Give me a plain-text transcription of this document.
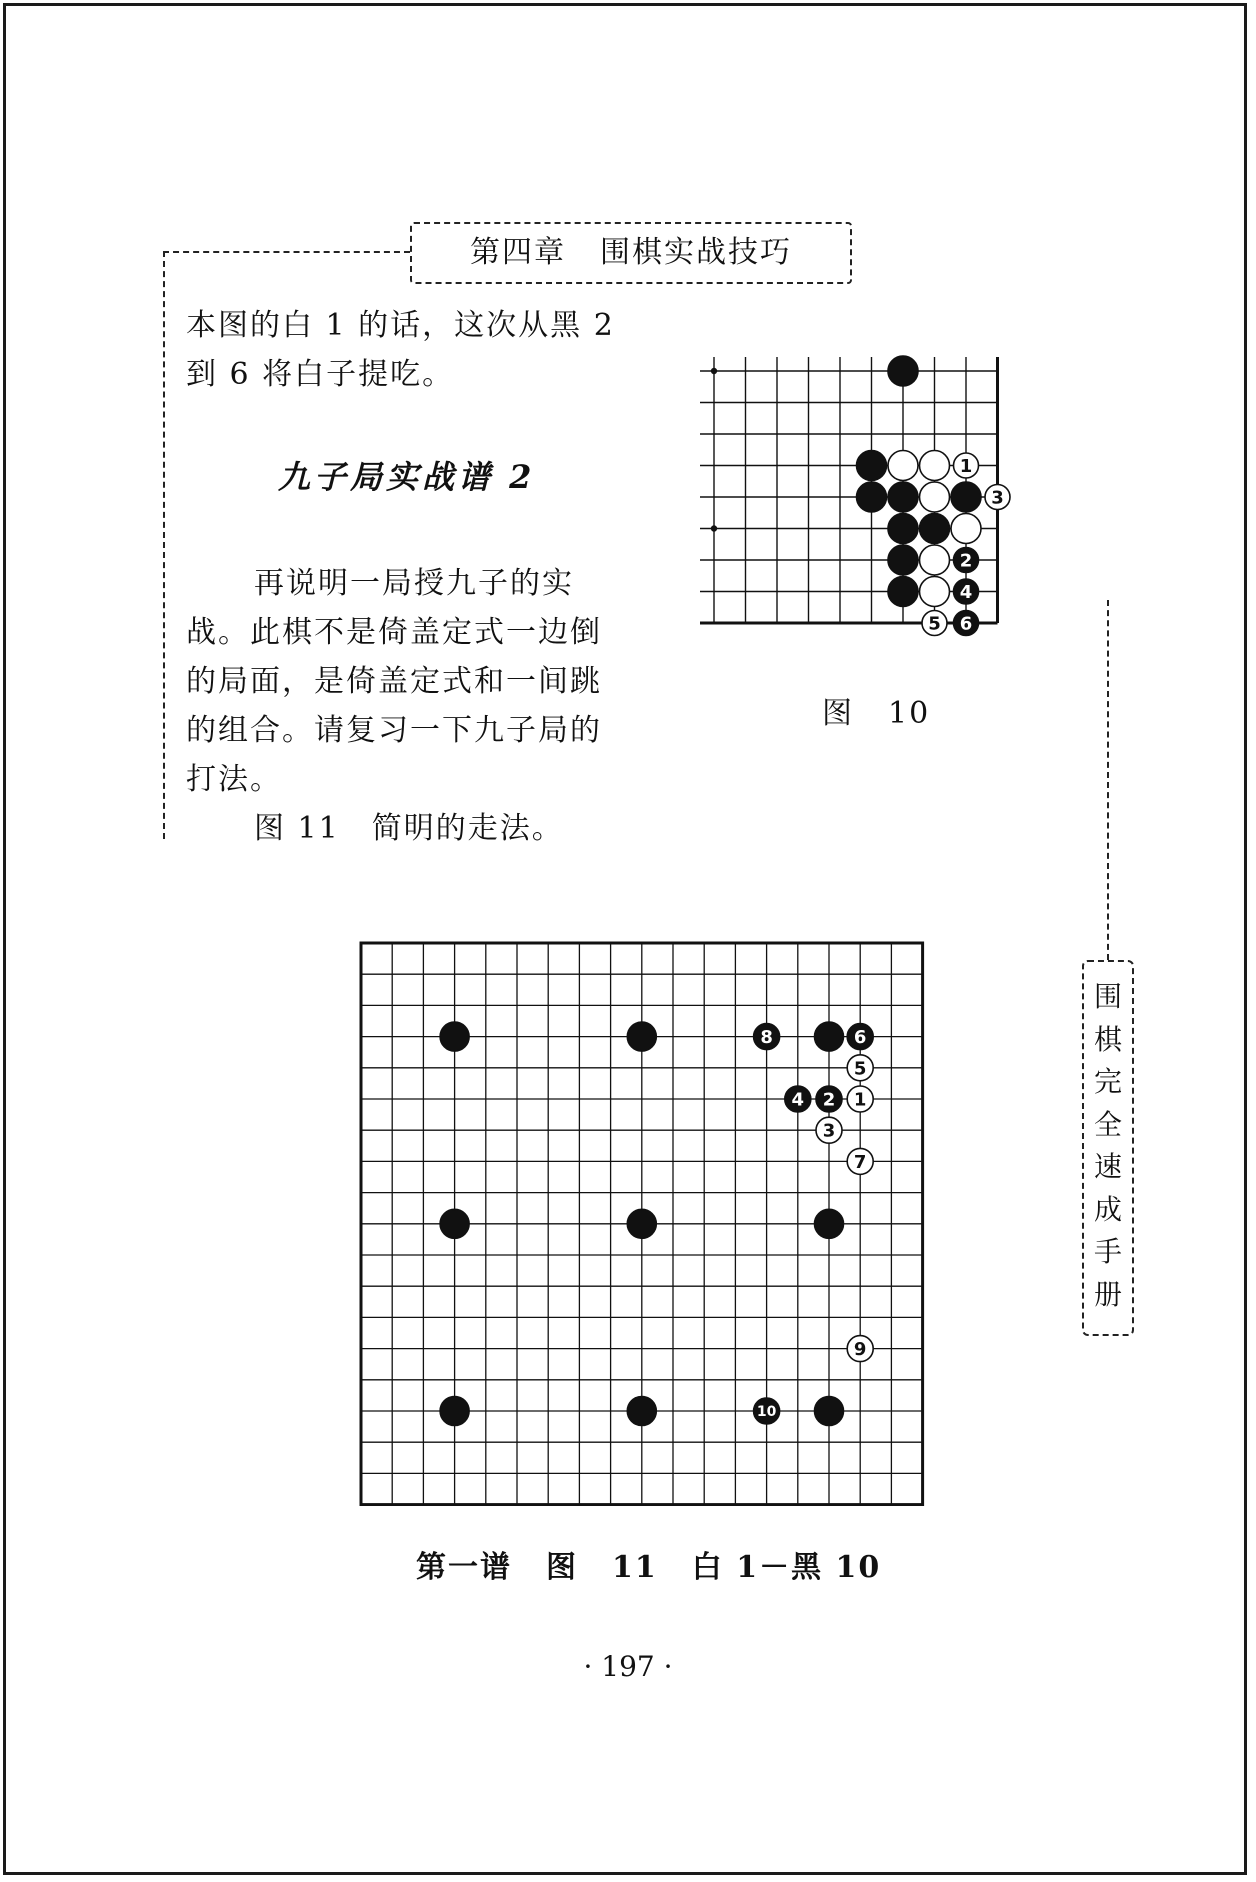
第四章 围棋实战技巧
本图的白 1 的话，这次从黑 2
到 6 将白子提吃。
九子局实战谱 2
再说明一局授九子的实
战。此棋不是倚盖定式一边倒
的局面，是倚盖定式和一间跳
的组合。请复习一下九子局的
打法。
图 11　简明的走法。
1
3
2
4
5 6
图 10
围
棋
完
全
速
成
手
册
8	6
5
4 2 1
3
7
9
10
第一谱 图 11 白 1－黑 10
· 197 ·
